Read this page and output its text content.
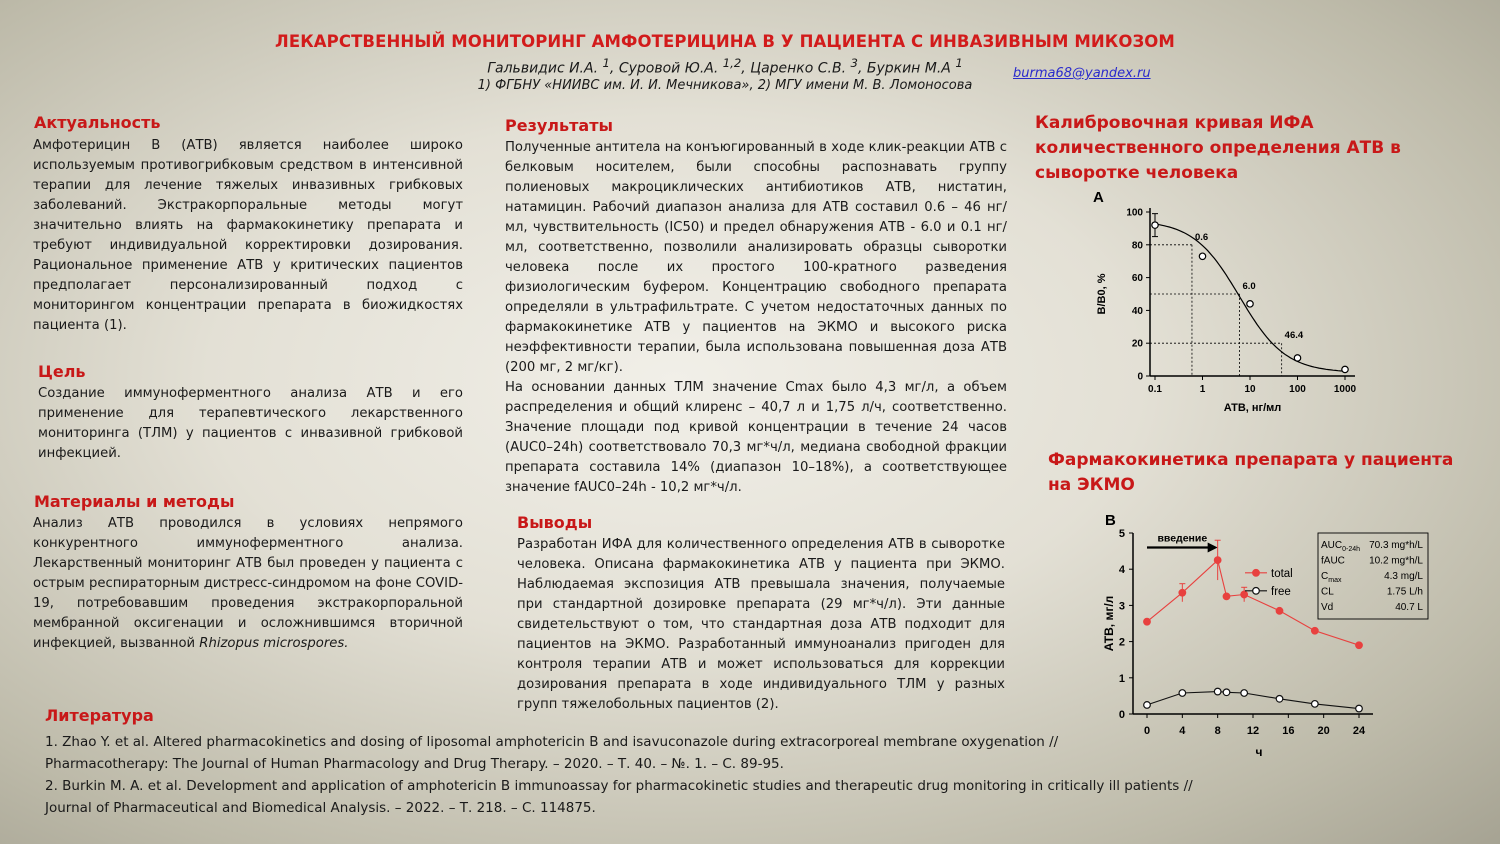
ЛЕКАРСТВЕННЫЙ МОНИТОРИНГ АМФОТЕРИЦИНА В У ПАЦИЕНТА С ИНВАЗИВНЫМ МИКОЗОМ
Гальвидис И.А. $^1$, Суровой Ю.А. $^{1,2}$, Царенко С.В. $^3$, Буркин М.А $^1$
1) ФГБНУ «НИИВС им. И. И. Мечникова», 2) МГУ имени М. В. Ломоносова
burma68@yandex.ru
Актуальность
Амфотерицин В (АТВ) является наиболее широко используемым противогрибковым средством в интенсивной терапии для лечение тяжелых инвазивных грибковых заболеваний. Экстракорпоральные методы могут значительно влиять на фармакокинетику препарата и требуют индивидуальной корректировки дозирования. Рациональное применение АТВ у критических пациентов предполагает персонализированный подход с мониторингом концентрации препарата в биожидкостях пациента (1).
Цель
Создание иммуноферментного анализа АТВ и его применение для терапевтического лекарственного мониторинга (ТЛМ) у пациентов с инвазивной грибковой инфекцией.
Материалы и методы
Анализ АТВ проводился в условиях непрямого конкурентного иммуноферментного анализа. Лекарственный мониторинг АТВ был проведен у пациента с острым респираторным дистресс-синдромом на фоне COVID-19, потребовавшим проведения экстракорпоральной мембранной оксигенации и осложнившимся вторичной инфекцией, вызванной Rhizopus microspores.
Результаты
Полученные антитела на конъюгированный в ходе клик-реакции АТВ с белковым носителем, были способны распознавать группу полиеновых макроциклических антибиотиков АТВ, нистатин, натамицин. Рабочий диапазон анализа для АТВ составил 0.6 – 46 нг/мл, чувствительность (IC50) и предел обнаружения АТВ - 6.0 и 0.1 нг/мл, соответственно, позволили анализировать образцы сыворотки человека после их простого 100-кратного разведения физиологическим буфером. Концентрацию свободного препарата определяли в ультрафильтрате. С учетом недостаточных данных по фармакокинетике АТВ у пациентов на ЭКМО и высокого риска неэффективности терапии, была использована повышенная доза АТВ (200 мг, 2 мг/кг).
На основании данных ТЛМ значение Cmax было 4,3 мг/л, а объем распределения и общий клиренс – 40,7 л и 1,75 л/ч, соответственно. Значение площади под кривой концентрации в течение 24 часов (AUC0–24h) соответствовало 70,3 мг*ч/л, медиана свободной фракции препарата составила 14% (диапазон 10–18%), а соответствующее значение fAUC0–24h - 10,2 мг*ч/л.
Выводы
Разработан ИФА для количественного определения АТВ в сыворотке человека. Описана фармакокинетика АТВ у пациента при ЭКМО. Наблюдаемая экспозиция АТВ превышала значения, получаемые при стандартной дозировке препарата (29 мг*ч/л). Эти данные свидетельствуют о том, что стандартная доза АТВ подходит для пациентов на ЭКМО. Разработанный иммуноанализ пригоден для контроля терапии АТВ и может использоваться для коррекции дозирования препарата в ходе индивидуального ТЛМ у разных групп тяжелобольных пациентов (2).
Литература
1. Zhao Y. et al. Altered pharmacokinetics and dosing of liposomal amphotericin B and isavuconazole during extracorporeal membrane oxygenation // Pharmacotherapy: The Journal of Human Pharmacology and Drug Therapy. – 2020. – Т. 40. – №. 1. – С. 89-95.
2. Burkin M. A. et al. Development and application of amphotericin B immunoassay for pharmacokinetic studies and therapeutic drug monitoring in critically ill patients // Journal of Pharmaceutical and Biomedical Analysis. – 2022. – Т. 218. – С. 114875.
Калибровочная кривая ИФА количественного определения АТВ в сыворотке человека
A
0
20
40
60
80
100
0.1	1	10	100	1000
АТВ, нг/мл
B/B0, %
0.6
6.0
46.4
Фармакокинетика препарата у пациента на ЭКМО
B
0
1
2
3
4
5
0	4	8 12 16 20 24
ч
АТВ, мг/л
введение
total
free
$AUC_{0-24h}$ 70.3 mg*h/L
fAUC 10.2 mg*h/L
$C_{max}$	4.3 mg/L
CL	1.75 L/h
Vd	40.7 L
